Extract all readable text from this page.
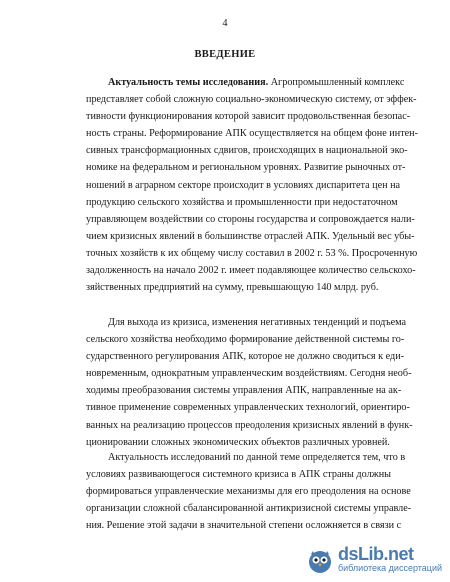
4
ВВЕДЕНИЕ
Актуальность темы исследования. Агропромышленный комплекс
представляет собой сложную социально-экономическую систему, от эффек-
тивности функционирования которой зависит продовольственная безопас-
ность страны. Реформирование АПК осуществляется на общем фоне интен-
сивных трансформационных сдвигов, происходящих в национальной эко-
номике на федеральном и региональном уровнях. Развитие рыночных от-
ношений в аграрном секторе происходит в условиях диспаритета цен на
продукцию сельского хозяйства и промышленности при недостаточном
управляющем воздействии со стороны государства и сопровождается нали-
чием кризисных явлений в большинстве отраслей АПК. Удельный вес убы-
точных хозяйств к их общему числу составил в 2002 г. 53 %. Просроченную
задолженность на начало 2002 г. имеет подавляющее количество сельскохо-
зяйственных предприятий на сумму, превышающую 140 млрд. руб.
Для выхода из кризиса, изменения негативных тенденций и подъема
сельского хозяйства необходимо формирование действенной системы го-
сударственного регулирования АПК, которое не должно сводиться к еди-
новременным, однократным управленческим воздействиям. Сегодня необ-
ходимы преобразования системы управления АПК, направленные на ак-
тивное применение современных управленческих технологий, ориентиро-
ванных на реализацию процессов преодоления кризисных явлений в функ-
ционировании сложных экономических объектов различных уровней.
Актуальность исследований по данной теме определяется тем, что в
условиях развивающегося системного кризиса в АПК страны должны
формироваться управленческие механизмы для его преодоления на основе
организации сложной сбалансированной антикризисной системы управле-
ния. Решение этой задачи в значительной степени осложняется в связи с
dsLib.net
библиотека диссертаций
